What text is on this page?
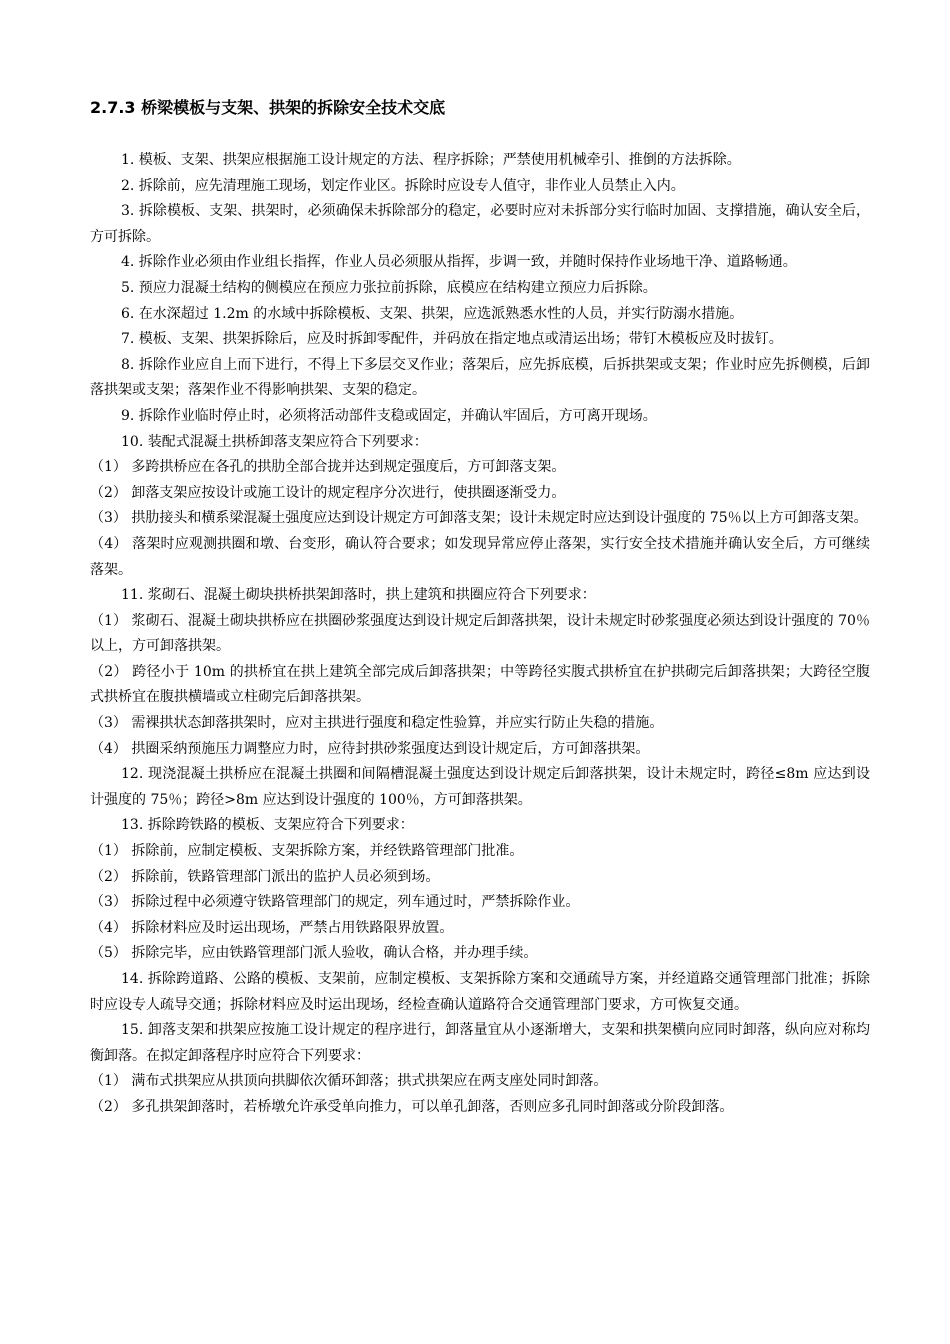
2.7.3 桥梁模板与支架、拱架的拆除安全技术交底

1. 模板、支架、拱架应根据施工设计规定的方法、程序拆除；严禁使用机械牵引、推倒的方法拆除。

2. 拆除前，应先清理施工现场，划定作业区。拆除时应设专人值守，非作业人员禁止入内。

3. 拆除模板、支架、拱架时，必须确保未拆除部分的稳定，必要时应对未拆部分实行临时加固、支撑措施，确认安全后，方可拆除。

4. 拆除作业必须由作业组长指挥，作业人员必须服从指挥，步调一致，并随时保持作业场地干净、道路畅通。

5. 预应力混凝土结构的侧模应在预应力张拉前拆除，底模应在结构建立预应力后拆除。

6. 在水深超过 1.2m 的水域中拆除模板、支架、拱架，应选派熟悉水性的人员，并实行防溺水措施。

7. 模板、支架、拱架拆除后，应及时拆卸零配件，并码放在指定地点或清运出场；带钉木模板应及时拔钉。

8. 拆除作业应自上而下进行，不得上下多层交叉作业；落架后，应先拆底模，后拆拱架或支架；作业时应先拆侧模，后卸落拱架或支架；落架作业不得影响拱架、支架的稳定。

9. 拆除作业临时停止时，必须将活动部件支稳或固定，并确认牢固后，方可离开现场。

10. 装配式混凝土拱桥卸落支架应符合下列要求：

（1） 多跨拱桥应在各孔的拱肋全部合拢并达到规定强度后，方可卸落支架。

（2） 卸落支架应按设计或施工设计的规定程序分次进行，使拱圈逐渐受力。

（3） 拱肋接头和横系梁混凝土强度应达到设计规定方可卸落支架；设计未规定时应达到设计强度的 75％以上方可卸落支架。

（4） 落架时应观测拱圈和墩、台变形，确认符合要求；如发现异常应停止落架，实行安全技术措施并确认安全后，方可继续落架。

11. 浆砌石、混凝土砌块拱桥拱架卸落时，拱上建筑和拱圈应符合下列要求：

（1） 浆砌石、混凝土砌块拱桥应在拱圈砂浆强度达到设计规定后卸落拱架，设计未规定时砂浆强度必须达到设计强度的 70％以上，方可卸落拱架。

（2） 跨径小于 10m 的拱桥宜在拱上建筑全部完成后卸落拱架；中等跨径实腹式拱桥宜在护拱砌完后卸落拱架；大跨径空腹式拱桥宜在腹拱横墙或立柱砌完后卸落拱架。

（3） 需裸拱状态卸落拱架时，应对主拱进行强度和稳定性验算，并应实行防止失稳的措施。

（4） 拱圈采纳预施压力调整应力时，应待封拱砂浆强度达到设计规定后，方可卸落拱架。

12. 现浇混凝土拱桥应在混凝土拱圈和间隔槽混凝土强度达到设计规定后卸落拱架，设计未规定时，跨径≤8m 应达到设计强度的 75％；跨径>8m 应达到设计强度的 100％，方可卸落拱架。

13. 拆除跨铁路的模板、支架应符合下列要求：

（1） 拆除前，应制定模板、支架拆除方案，并经铁路管理部门批准。

（2） 拆除前，铁路管理部门派出的监护人员必须到场。

（3） 拆除过程中必须遵守铁路管理部门的规定，列车通过时，严禁拆除作业。

（4） 拆除材料应及时运出现场，严禁占用铁路限界放置。

（5） 拆除完毕，应由铁路管理部门派人验收，确认合格，并办理手续。

14. 拆除跨道路、公路的模板、支架前，应制定模板、支架拆除方案和交通疏导方案，并经道路交通管理部门批准；拆除时应设专人疏导交通；拆除材料应及时运出现场，经检查确认道路符合交通管理部门要求，方可恢复交通。

15. 卸落支架和拱架应按施工设计规定的程序进行，卸落量宜从小逐渐增大，支架和拱架横向应同时卸落，纵向应对称均衡卸落。在拟定卸落程序时应符合下列要求：

（1） 满布式拱架应从拱顶向拱脚依次循环卸落；拱式拱架应在两支座处同时卸落。

（2） 多孔拱架卸落时，若桥墩允许承受单向推力，可以单孔卸落，否则应多孔同时卸落或分阶段卸落。
